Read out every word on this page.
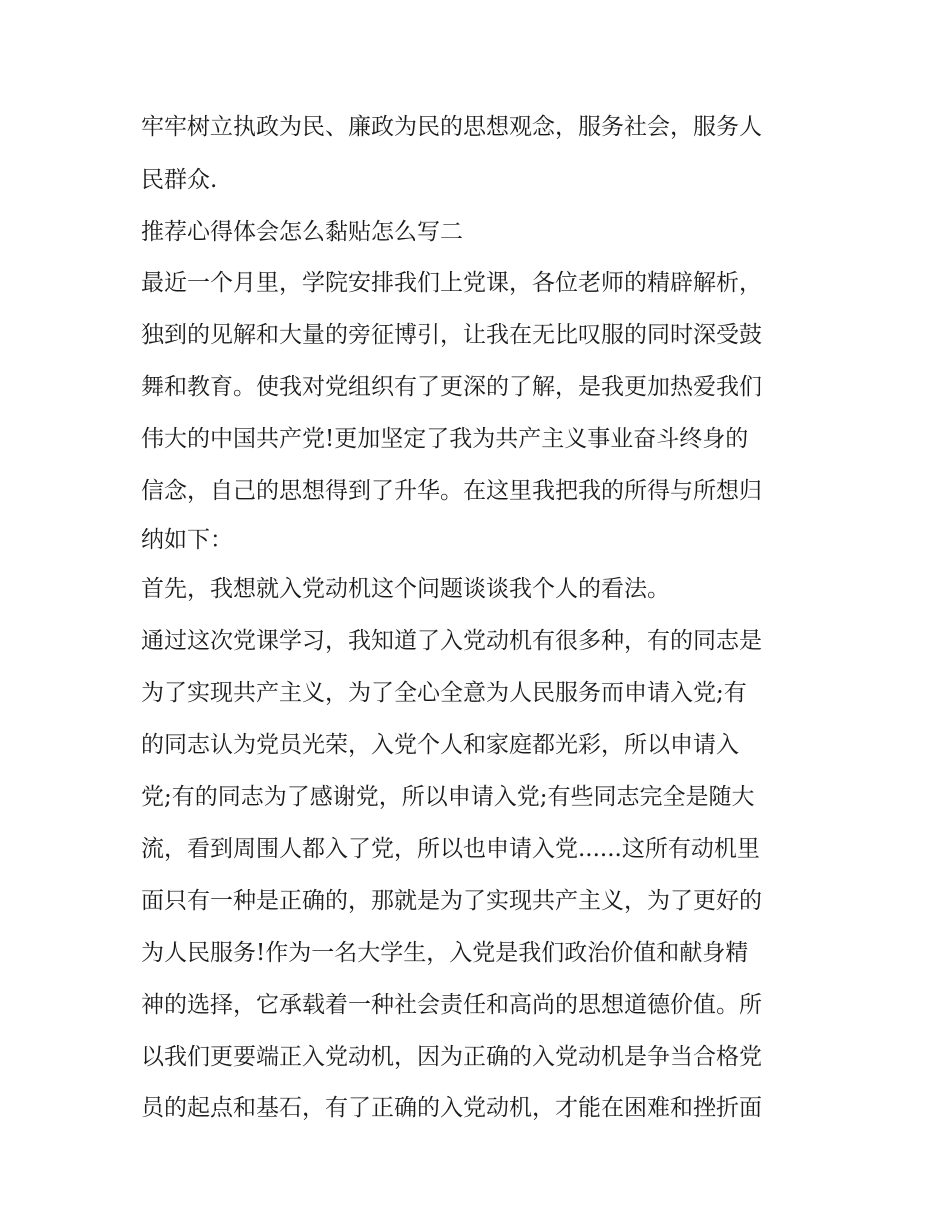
牢牢树立执政为民、廉政为民的思想观念，服务社会，服务人

民群众.

推荐心得体会怎么黏贴怎么写二

最近一个月里，学院安排我们上党课，各位老师的精辟解析，

独到的见解和大量的旁征博引，让我在无比叹服的同时深受鼓

舞和教育。使我对党组织有了更深的了解，是我更加热爱我们

伟大的中国共产党!更加坚定了我为共产主义事业奋斗终身的

信念，自己的思想得到了升华。在这里我把我的所得与所想归

纳如下：

首先，我想就入党动机这个问题谈谈我个人的看法。

通过这次党课学习，我知道了入党动机有很多种，有的同志是

为了实现共产主义，为了全心全意为人民服务而申请入党;有

的同志认为党员光荣，入党个人和家庭都光彩，所以申请入

党;有的同志为了感谢党，所以申请入党;有些同志完全是随大

流，看到周围人都入了党，所以也申请入党......这所有动机里

面只有一种是正确的，那就是为了实现共产主义，为了更好的

为人民服务!作为一名大学生，入党是我们政治价值和献身精

神的选择，它承载着一种社会责任和高尚的思想道德价值。所

以我们更要端正入党动机，因为正确的入党动机是争当合格党

员的起点和基石，有了正确的入党动机，才能在困难和挫折面
